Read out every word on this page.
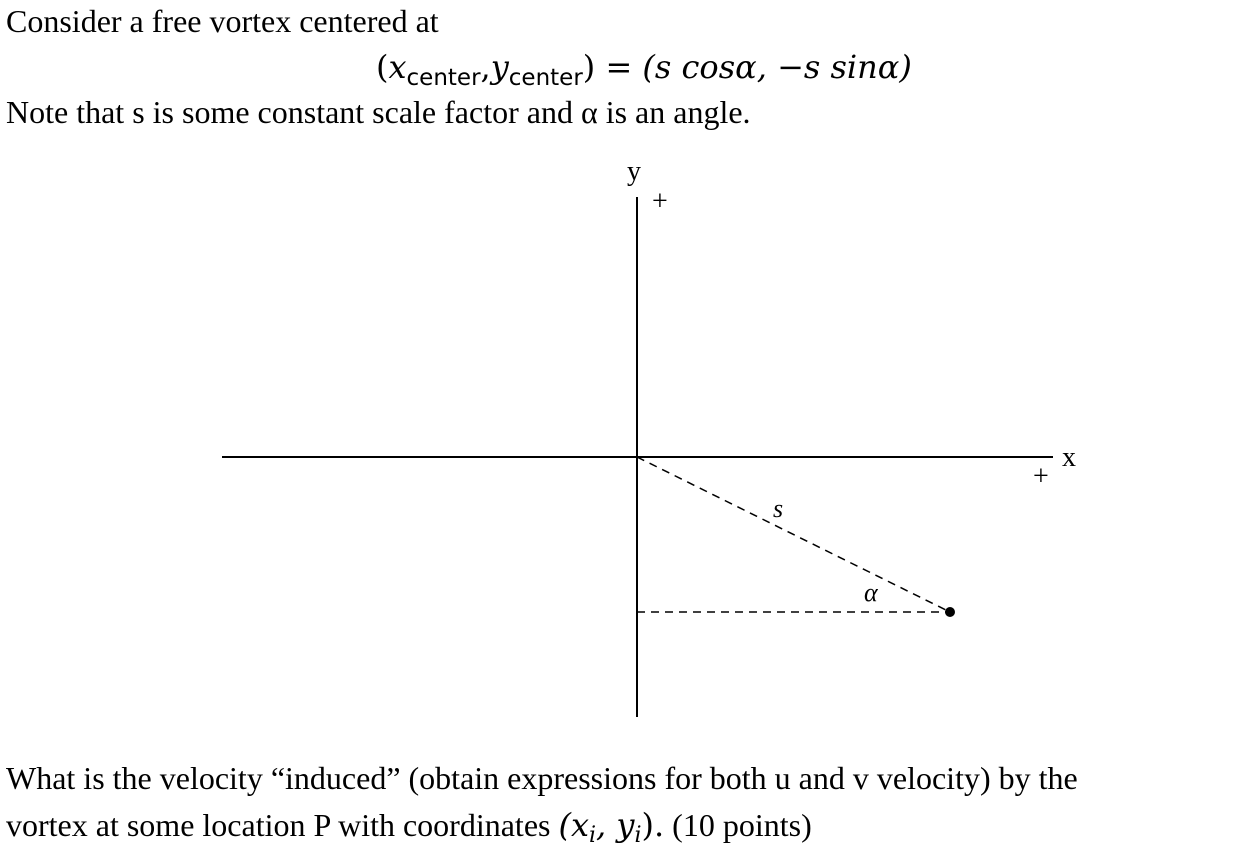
Consider a free vortex centered at
$(x_{center},y_{center}) = (s$ cosα, −s sinα)
Note that s is some constant scale factor and α is an angle.
y
+
x
+
s
α
What is the velocity “induced” (obtain expressions for both u and v velocity) by the
vortex at some location P with coordinates (xi, yi). (10 points)
